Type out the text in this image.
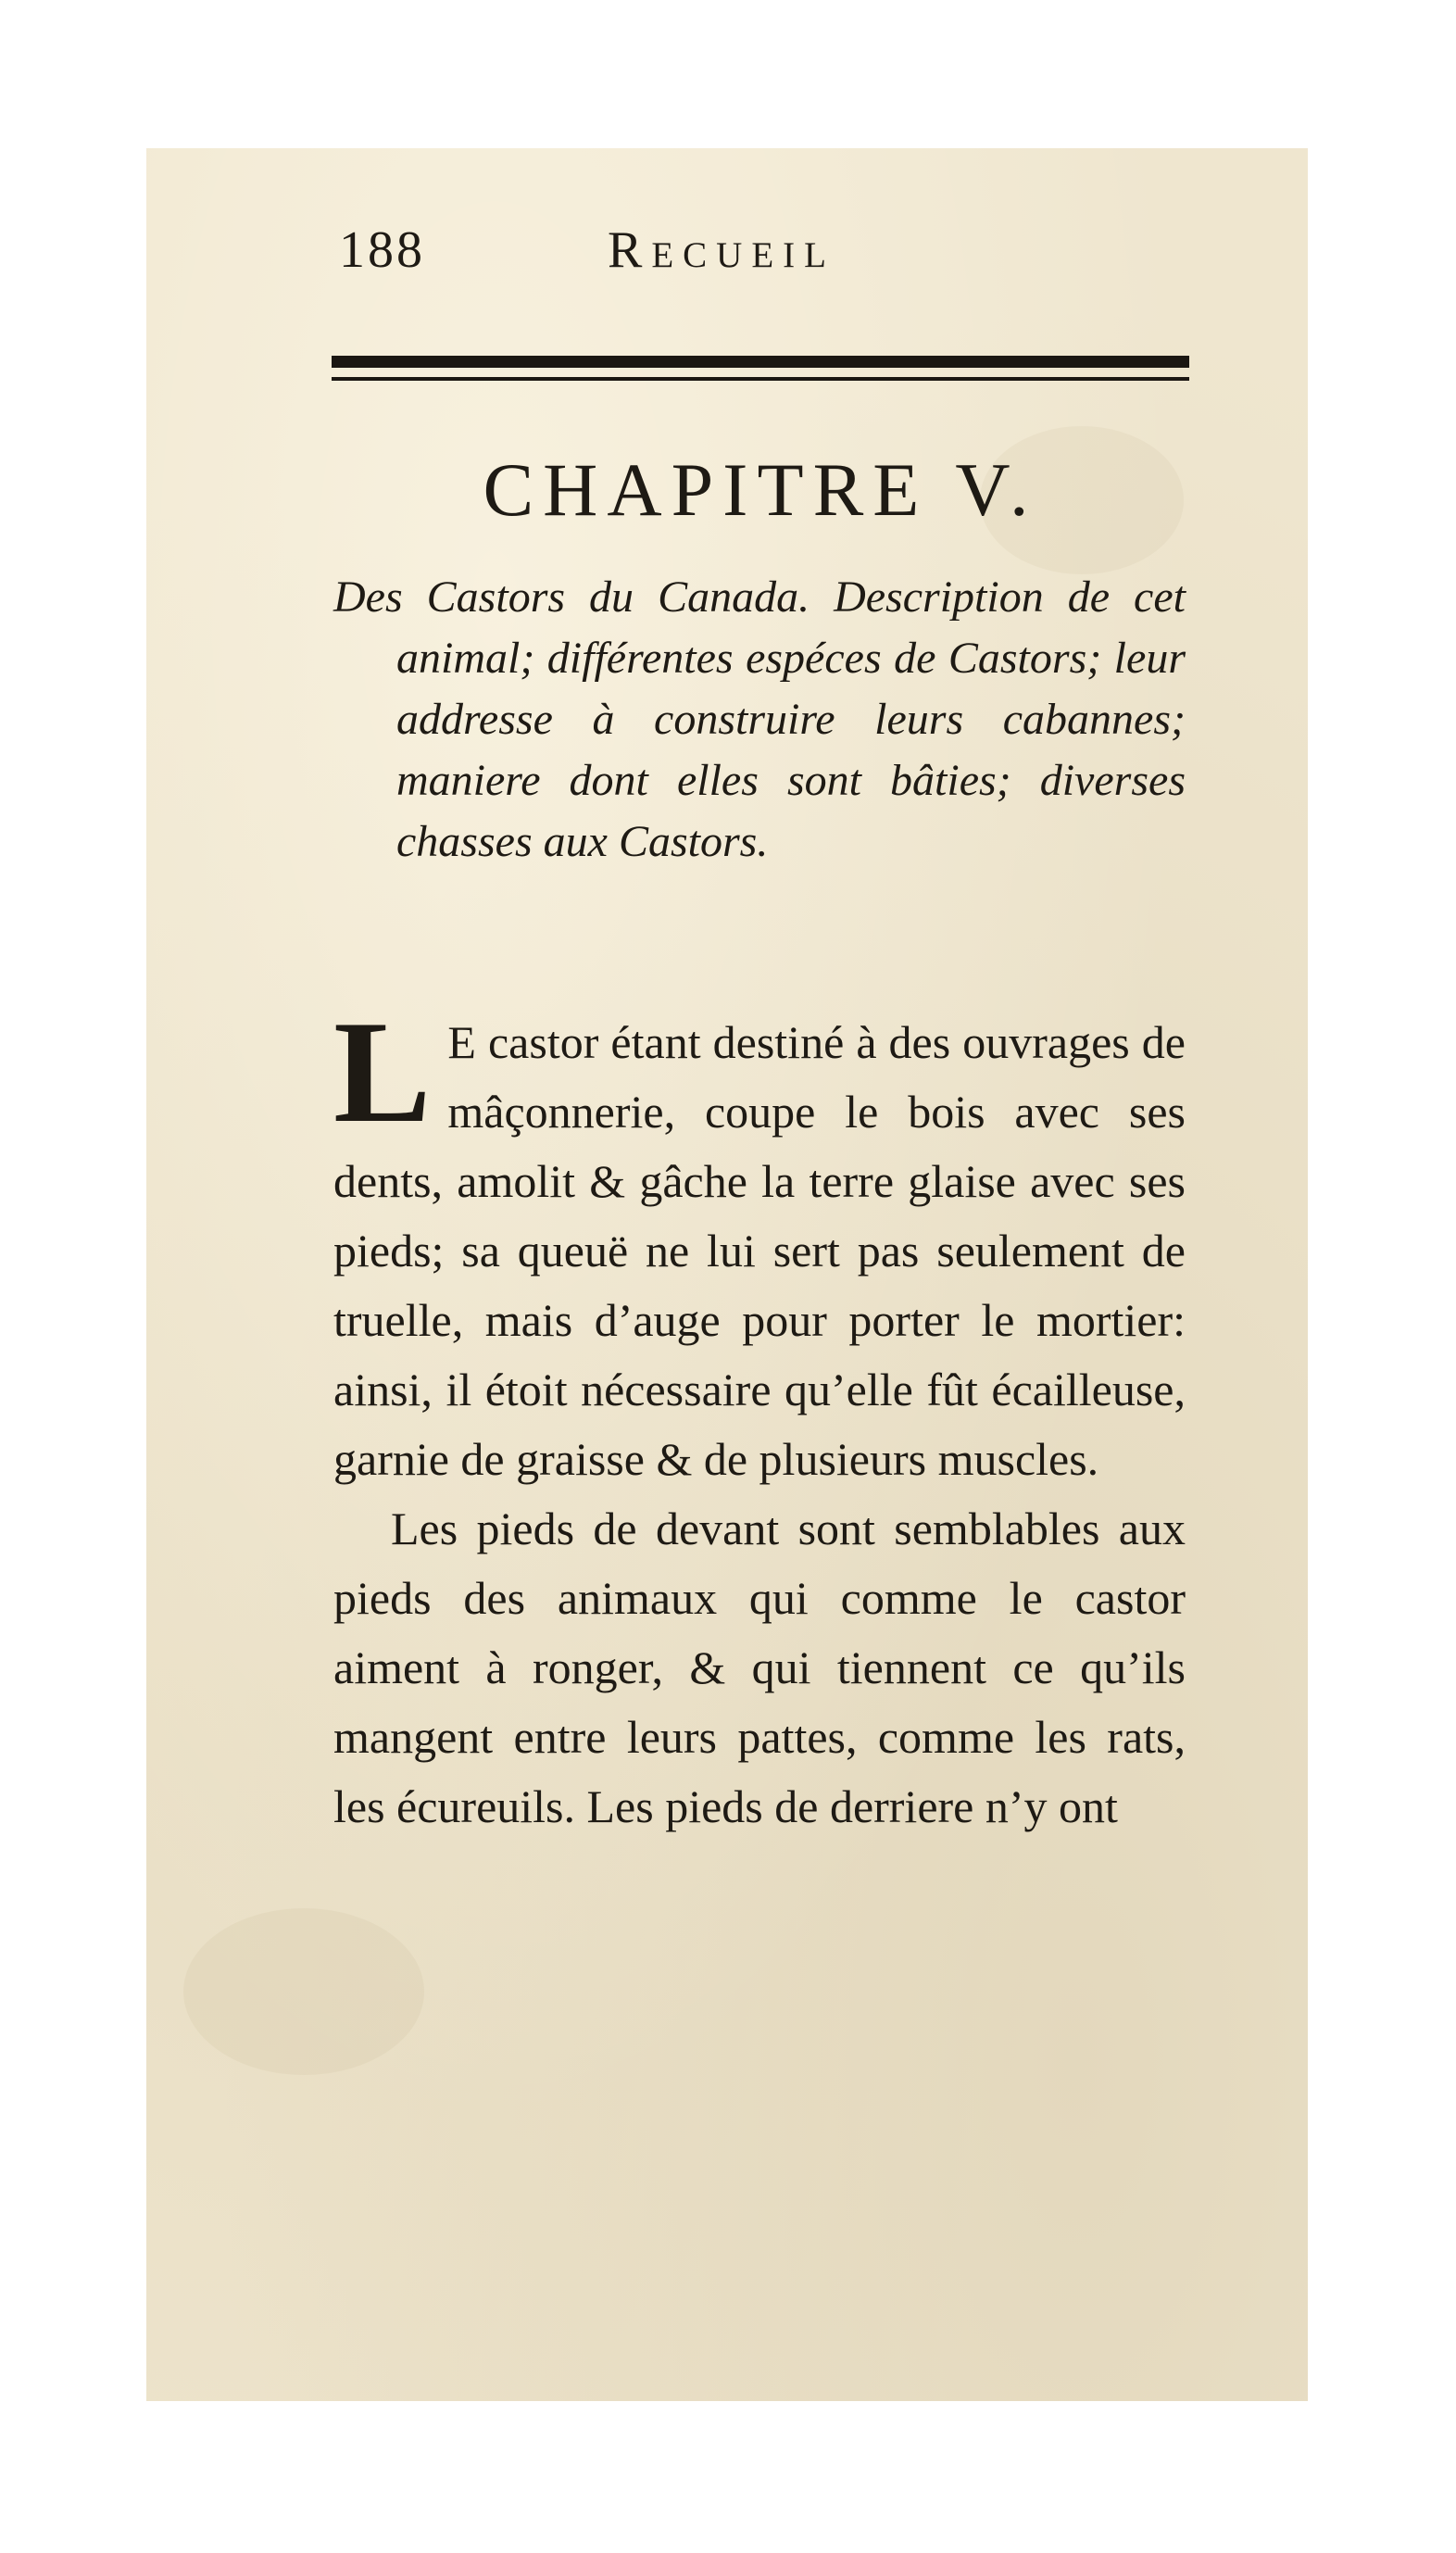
188	Recueil
CHAPITRE V.
Des Castors du Canada. Description de cet animal; différentes espéces de Castors; leur addresse à construire leurs cabannes; maniere dont elles sont bâties; diverses chasses aux Castors.

L E castor étant destiné à des ouvrages de mâçonnerie, coupe le bois avec ses dents, amolit & gâche la terre glaise avec ses pieds; sa queuë ne lui sert pas seulement de truelle, mais d’auge pour porter le mortier: ainsi, il étoit nécessaire qu’elle fût écailleuse, garnie de graisse & de plusieurs muscles.

Les pieds de devant sont semblables aux pieds des animaux qui comme le castor aiment à ronger, & qui tiennent ce qu’ils mangent entre leurs pattes, comme les rats, les écureuils. Les pieds de derriere n’y ont
